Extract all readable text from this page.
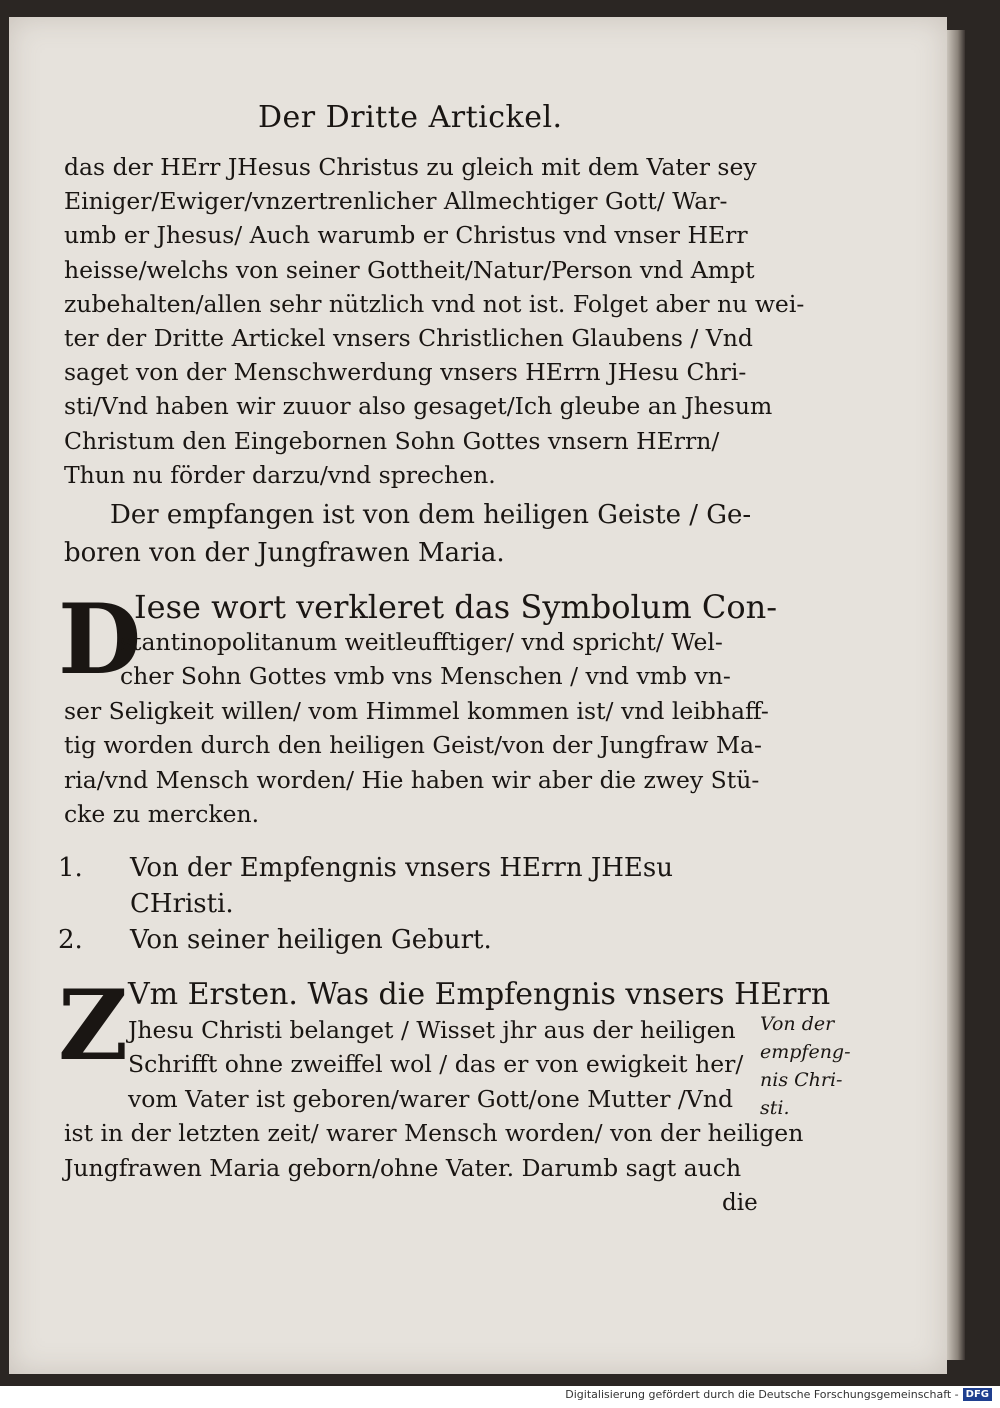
Der Dritte Artickel.
das der HErr JHesus Christus zu gleich mit dem Vater sey
Einiger/Ewiger/vnzertrenlicher Allmechtiger Gott/ War-
umb er Jhesus/ Auch warumb er Christus vnd vnser HErr
heisse/welchs von seiner Gottheit/Natur/Person vnd Ampt
zubehalten/allen sehr nützlich vnd not ist. Folget aber nu wei-
ter der Dritte Artickel vnsers Christlichen Glaubens / Vnd
saget von der Menschwerdung vnsers HErrn JHesu Chri-
sti/Vnd haben wir zuuor also gesaget/Ich gleube an Jhesum
Christum den Eingebornen Sohn Gottes vnsern HErrn/
Thun nu förder darzu/vnd sprechen.
Der empfangen ist von dem heiligen Geiste / Ge-
boren von der Jungfrawen Maria.
D
Iese wort verkleret das Symbolum Con-
stantinopolitanum weitleufftiger/ vnd spricht/ Wel-
cher Sohn Gottes vmb vns Menschen / vnd vmb vn-
ser Seligkeit willen/ vom Himmel kommen ist/ vnd leibhaff-
tig worden durch den heiligen Geist/von der Jungfraw Ma-
ria/vnd Mensch worden/ Hie haben wir aber die zwey Stü-
cke zu mercken.
1. Von der Empfengnis vnsers HErrn JHEsu
CHristi.
2. Von seiner heiligen Geburt.
Z Vm Ersten. Was die Empfengnis vnsers HErrn
Jhesu Christi belanget / Wisset jhr aus der heiligen
Schrifft ohne zweiffel wol / das er von ewigkeit her/
vom Vater ist geboren/warer Gott/one Mutter /Vnd
ist in der letzten zeit/ warer Mensch worden/ von der heiligen
Jungfrawen Maria geborn/ohne Vater. Darumb sagt auch
Von der
empfeng-
nis Chri-
sti.
die
Digitalisierung gefördert durch die Deutsche Forschungsgemeinschaft - DFG
